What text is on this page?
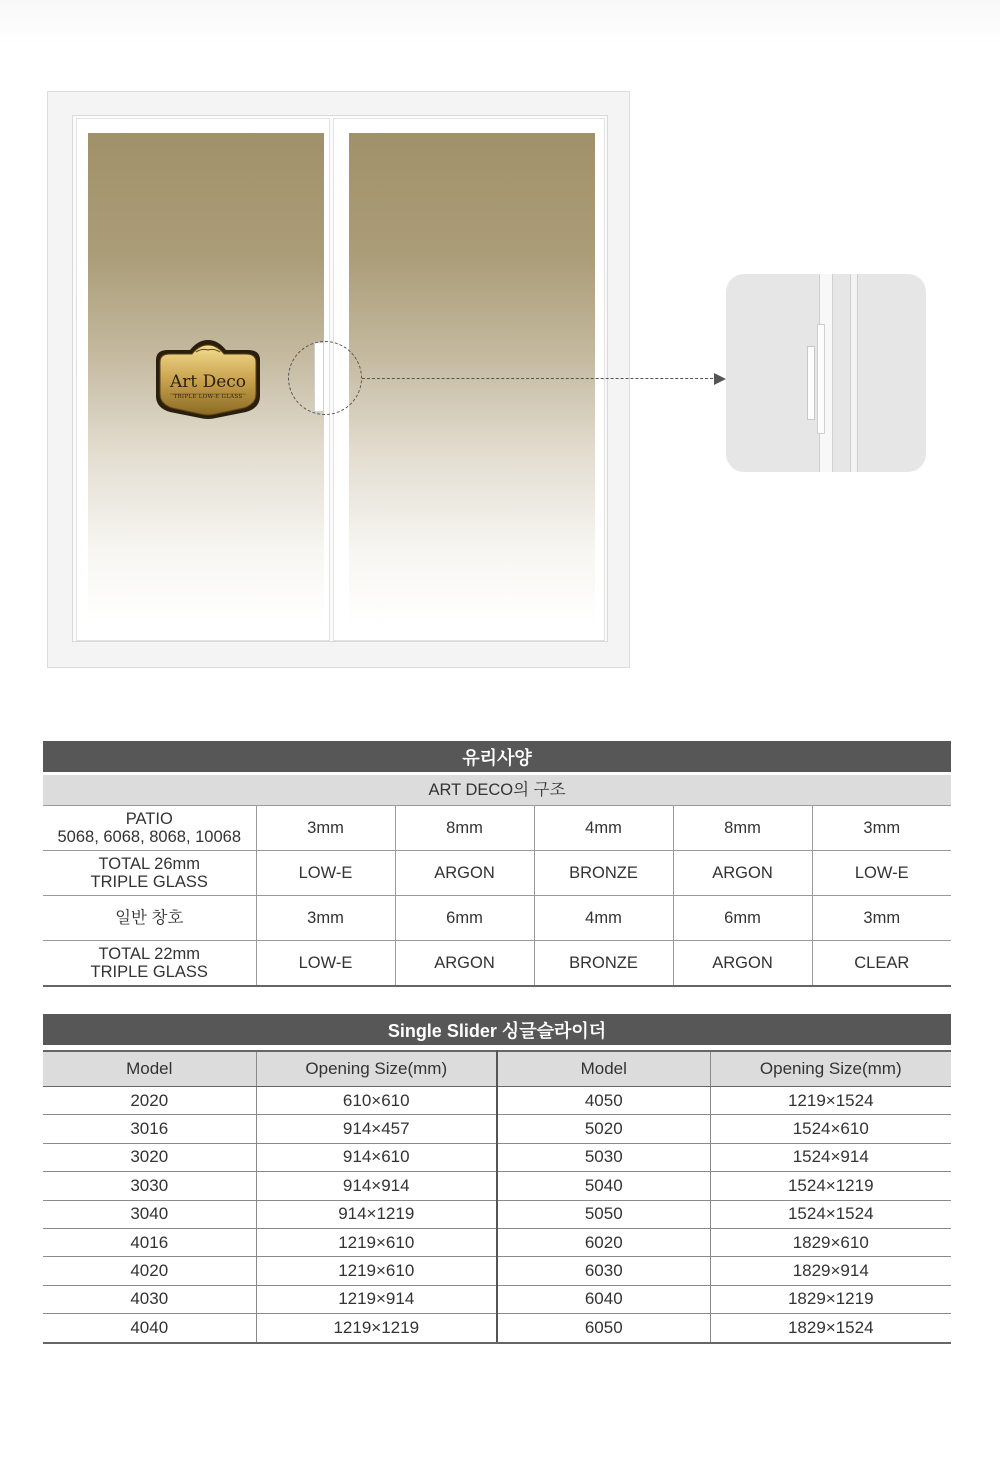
Art Deco
TRIPLE LOW-E GLASS
유리사양
ART DECO의 구조					

PATIO
5068, 6068, 8068, 10068	3mm	8mm	4mm	8mm	3mm

TOTAL 26mm
TRIPLE GLASS	LOW-E	ARGON	BRONZE	ARGON	LOW-E

일반 창호	3mm	6mm	4mm	6mm	3mm

TOTAL 22mm
TRIPLE GLASS	LOW-E	ARGON	BRONZE	ARGON	CLEAR
Single Slider 싱글슬라이더
Model	Opening Size(mm)	Model	Opening Size(mm)
2020	610×610	4050	1219×1524
3016	914×457	5020	1524×610
3020	914×610	5030	1524×914
3030	914×914	5040	1524×1219
3040	914×1219	5050	1524×1524
4016	1219×610	6020	1829×610
4020	1219×610	6030	1829×914
4030	1219×914	6040	1829×1219
4040	1219×1219	6050	1829×1524
